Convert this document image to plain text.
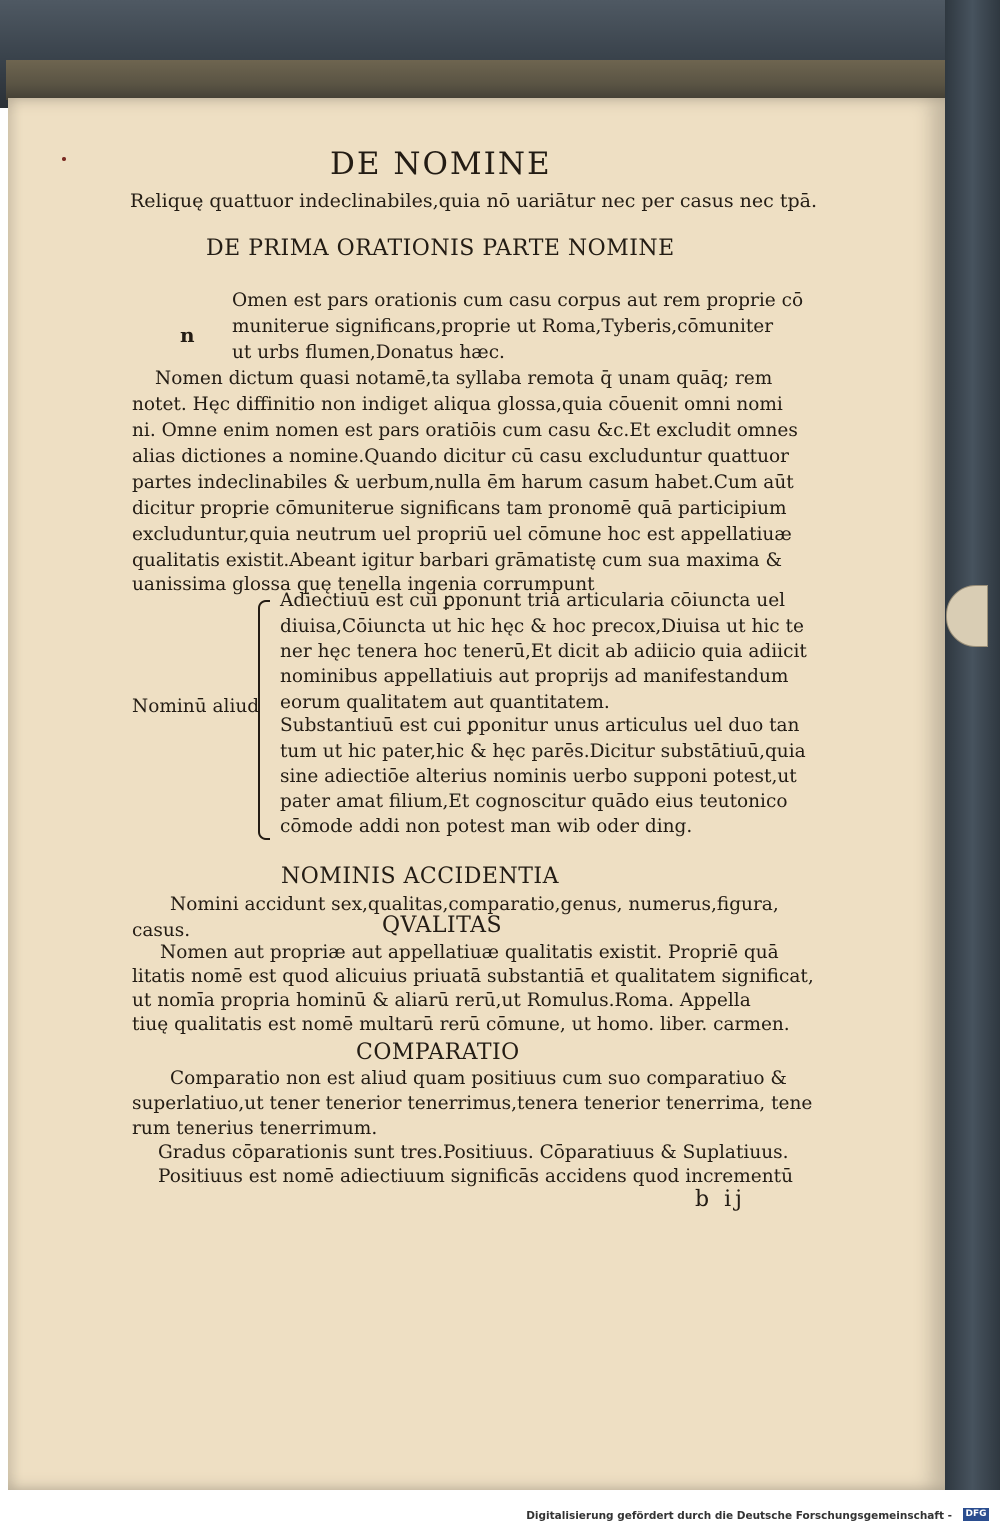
DE NOMINE
Reliquę quattuor indeclinabiles,quia nō uariātur nec per casus nec tpā.
DE PRIMA ORATIONIS PARTE NOMINE
n
Omen est pars orationis cum casu corpus aut rem proprie cō
muniterue significans,proprie ut Roma,Tyberis,cōmuniter
ut urbs flumen,Donatus hæc.
Nomen dictum quasi notamē,ta syllaba remota q̄ unam quāq; rem
notet. Hęc diffinitio non indiget aliqua glossa,quia cōuenit omni nomi
ni. Omne enim nomen est pars oratiōis cum casu &c.Et excludit omnes
alias dictiones a nomine.Quando dicitur cū casu excluduntur quattuor
partes indeclinabiles & uerbum,nulla ēm harum casum habet.Cum aūt
dicitur proprie cōmuniterue significans tam pronomē quā participium
excluduntur,quia neutrum uel propriū uel cōmune hoc est appellatiuæ
qualitatis existit.Abeant igitur barbari grāmatistę cum sua maxima &
uanissima glossa quę tenella ingenia corrumpunt
Nominū aliud
Adiectiuū est cui ꝑponunt̄ tria articularia cōiuncta uel
diuisa,Cōiuncta ut hic hęc & hoc precox,Diuisa ut hic te
ner hęc tenera hoc tenerū,Et dicit ab adiicio quia adiicit
nominibus appellatiuis aut proprijs ad manifestandum
eorum qualitatem aut quantitatem.
Substantiuū est cui ꝑponitur unus articulus uel duo tan
tum ut hic pater,hic & hęc parēs.Dicitur substātiuū,quia
sine adiectiōe alterius nominis uerbo supponi potest,ut
pater amat filium,Et cognoscitur quādo eius teutonico
cōmode addi non potest man wib oder ding.
NOMINIS ACCIDENTIA
Nomini accidunt sex,qualitas,comparatio,genus, numerus,figura,
casus.	QVALITAS
Nomen aut propriæ aut appellatiuæ qualitatis existit. Propriē quā
litatis nomē est quod alicuius priuatā substantiā et qualitatem significat,
ut nomīa propria hominū & aliarū rerū,ut Romulus.Roma. Appella
tiuę qualitatis est nomē multarū rerū cōmune, ut homo. liber. carmen.
COMPARATIO
Comparatio non est aliud quam positiuus cum suo comparatiuo &
superlatiuo,ut tener tenerior tenerrimus,tenera tenerior tenerrima, tene
rum tenerius tenerrimum.
Gradus cōparationis sunt tres.Positiuus. Cōparatiuus & Suplatiuus.
Positiuus est nomē adiectiuum significās accidens quod incrementū
b ij
Digitalisierung gefördert durch die Deutsche Forschungsgemeinschaft - DFG
